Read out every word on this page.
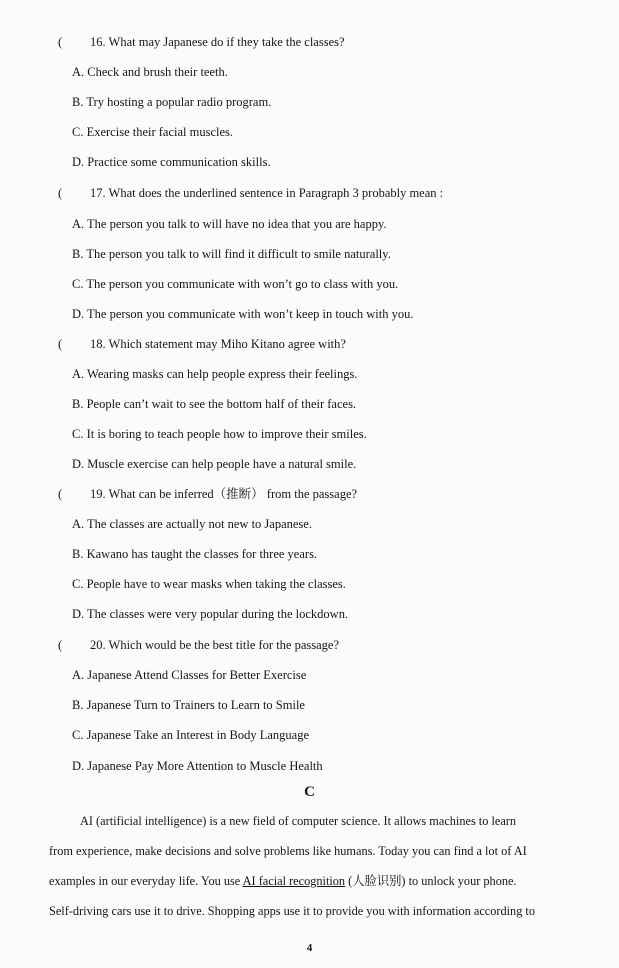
( 16. What may Japanese do if they take the classes?
A. Check and brush their teeth.
B. Try hosting a popular radio program.
C. Exercise their facial muscles.
D. Practice some communication skills.
( 17. What does the underlined sentence in Paragraph 3 probably mean :
A. The person you talk to will have no idea that you are happy.
B. The person you talk to will find it difficult to smile naturally.
C. The person you communicate with won’t go to class with you.
D. The person you communicate with won’t keep in touch with you.
( 18. Which statement may Miho Kitano agree with?
A. Wearing masks can help people express their feelings.
B. People can’t wait to see the bottom half of their faces.
C. It is boring to teach people how to improve their smiles.
D. Muscle exercise can help people have a natural smile.
( 19. What can be inferred（推断） from the passage?
A. The classes are actually not new to Japanese.
B. Kawano has taught the classes for three years.
C. People have to wear masks when taking the classes.
D. The classes were very popular during the lockdown.
( 20. Which would be the best title for the passage?
A. Japanese Attend Classes for Better Exercise
B. Japanese Turn to Trainers to Learn to Smile
C. Japanese Take an Interest in Body Language
D. Japanese Pay More Attention to Muscle Health
C
AI (artificial intelligence) is a new field of computer science. It allows machines to learn
from experience, make decisions and solve problems like humans. Today you can find a lot of AI
examples in our everyday life. You use AI facial recognition (人脸识别) to unlock your phone.
Self-driving cars use it to drive. Shopping apps use it to provide you with information according to
4
